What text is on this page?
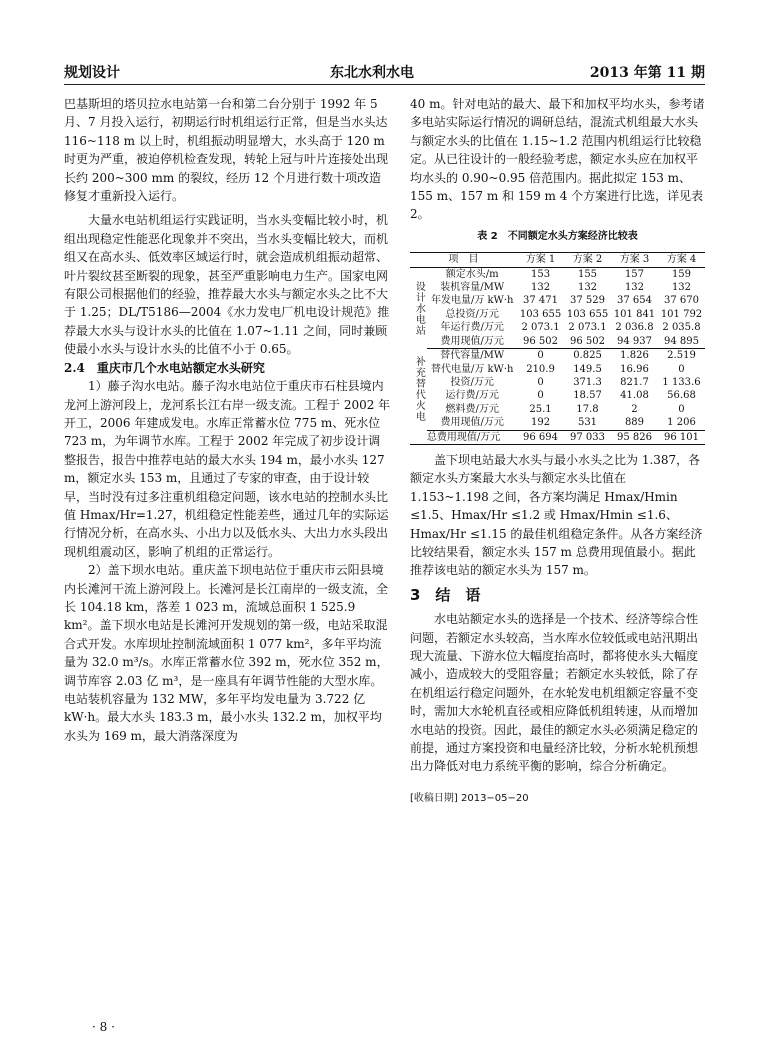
规划设计	东北水利水电	2013 年第 11 期

巴基斯坦的塔贝拉水电站第一台和第二台分别于 1992 年 5 月、7 月投入运行，初期运行时机组运行正常，但是当水头达 116~118 m 以上时，机组振动明显增大，水头高于 120 m 时更为严重，被迫停机检查发现，转轮上冠与叶片连接处出现长约 200~300 mm 的裂纹，经历 12 个月进行数十项改造修复才重新投入运行。

大量水电站机组运行实践证明，当水头变幅比较小时，机组出现稳定性能恶化现象并不突出，当水头变幅比较大，而机组又在高水头、低效率区域运行时，就会造成机组振动超常、叶片裂纹甚至断裂的现象，甚至严重影响电力生产。国家电网有限公司根据他们的经验，推荐最大水头与额定水头之比不大于 1.25；DL/T5186—2004《水力发电厂机电设计规范》推荐最大水头与设计水头的比值在 1.07~1.11 之间，同时兼顾使最小水头与设计水头的比值不小于 0.65。

2.4　重庆市几个水电站额定水头研究

1）藤子沟水电站。藤子沟水电站位于重庆市石柱县境内龙河上游河段上，龙河系长江右岸一级支流。工程于 2002 年开工，2006 年建成发电。水库正常蓄水位 775 m、死水位 723 m，为年调节水库。工程于 2002 年完成了初步设计调整报告，报告中推荐电站的最大水头 194 m，最小水头 127 m，额定水头 153 m，且通过了专家的审查，由于设计较早，当时没有过多注重机组稳定问题，该水电站的控制水头比值 Hmax/Hr=1.27，机组稳定性能差些，通过几年的实际运行情况分析，在高水头、小出力以及低水头、大出力水头段出现机组震动区，影响了机组的正常运行。

2）盖下坝水电站。重庆盖下坝电站位于重庆市云阳县境内长滩河干流上游河段上。长滩河是长江南岸的一级支流，全长 104.18 km，落差 1 023 m，流域总面积 1 525.9 km²。盖下坝水电站是长滩河开发规划的第一级，电站采取混合式开发。水库坝址控制流域面积 1 077 km²，多年平均流量为 32.0 m³/s。水库正常蓄水位 392 m，死水位 352 m，调节库容 2.03 亿 m³，是一座具有年调节性能的大型水库。电站装机容量为 132 MW，多年平均发电量为 3.722 亿 kW·h。最大水头 183.3 m，最小水头 132.2 m，加权平均水头为 169 m，最大消落深度为

40 m。针对电站的最大、最下和加权平均水头，参考诸多电站实际运行情况的调研总结，混流式机组最大水头与额定水头的比值在 1.15~1.2 范围内机组运行比较稳定。从已往设计的一般经验考虑，额定水头应在加权平均水头的 0.90~0.95 倍范围内。据此拟定 153 m、155 m、157 m 和 159 m 4 个方案进行比选，详见表 2。

表 2　不同额定水头方案经济比较表
项　目		方案 1	方案 2	方案 3	方案 4
设计水电站	额定水头/m	153	155	157	159
	装机容量/MW	132	132	132	132
	年发电量/万 kW·h	37 471	37 529	37 654	37 670
	总投资/万元	103 655	103 655	101 841	101 792
	年运行费/万元	2 073.1	2 073.1	2 036.8	2 035.8
	费用现值/万元	96 502	96 502	94 937	94 895
补充替代火电	替代容量/MW	0	0.825	1.826	2.519
	替代电量/万 kW·h	210.9	149.5	16.96	0
	投资/万元	0	371.3	821.7	1 133.6
	运行费/万元	0	18.57	41.08	56.68
	燃料费/万元	25.1	17.8	2	0
	费用现值/万元	192	531	889	1 206
总费用现值/万元		96 694	97 033	95 826	96 101

盖下坝电站最大水头与最小水头之比为 1.387，各额定水头方案最大水头与额定水头比值在 1.153~1.198 之间，各方案均满足 Hmax/Hmin ≤1.5、Hmax/Hr ≤1.2 或 Hmax/Hmin ≤1.6、Hmax/Hr ≤1.15 的最佳机组稳定条件。从各方案经济比较结果看，额定水头 157 m 总费用现值最小。据此推荐该电站的额定水头为 157 m。

3　结　语

水电站额定水头的选择是一个技术、经济等综合性问题，若额定水头较高，当水库水位较低或电站汛期出现大流量、下游水位大幅度抬高时，都将使水头大幅度减小，造成较大的受阻容量；若额定水头较低，除了存在机组运行稳定问题外，在水轮发电机组额定容量不变时，需加大水轮机直径或相应降低机组转速，从而增加水电站的投资。因此，最佳的额定水头必须满足稳定的前提，通过方案投资和电量经济比较，分析水轮机预想出力降低对电力系统平衡的影响，综合分析确定。

[收稿日期] 2013−05−20
· 8 ·
